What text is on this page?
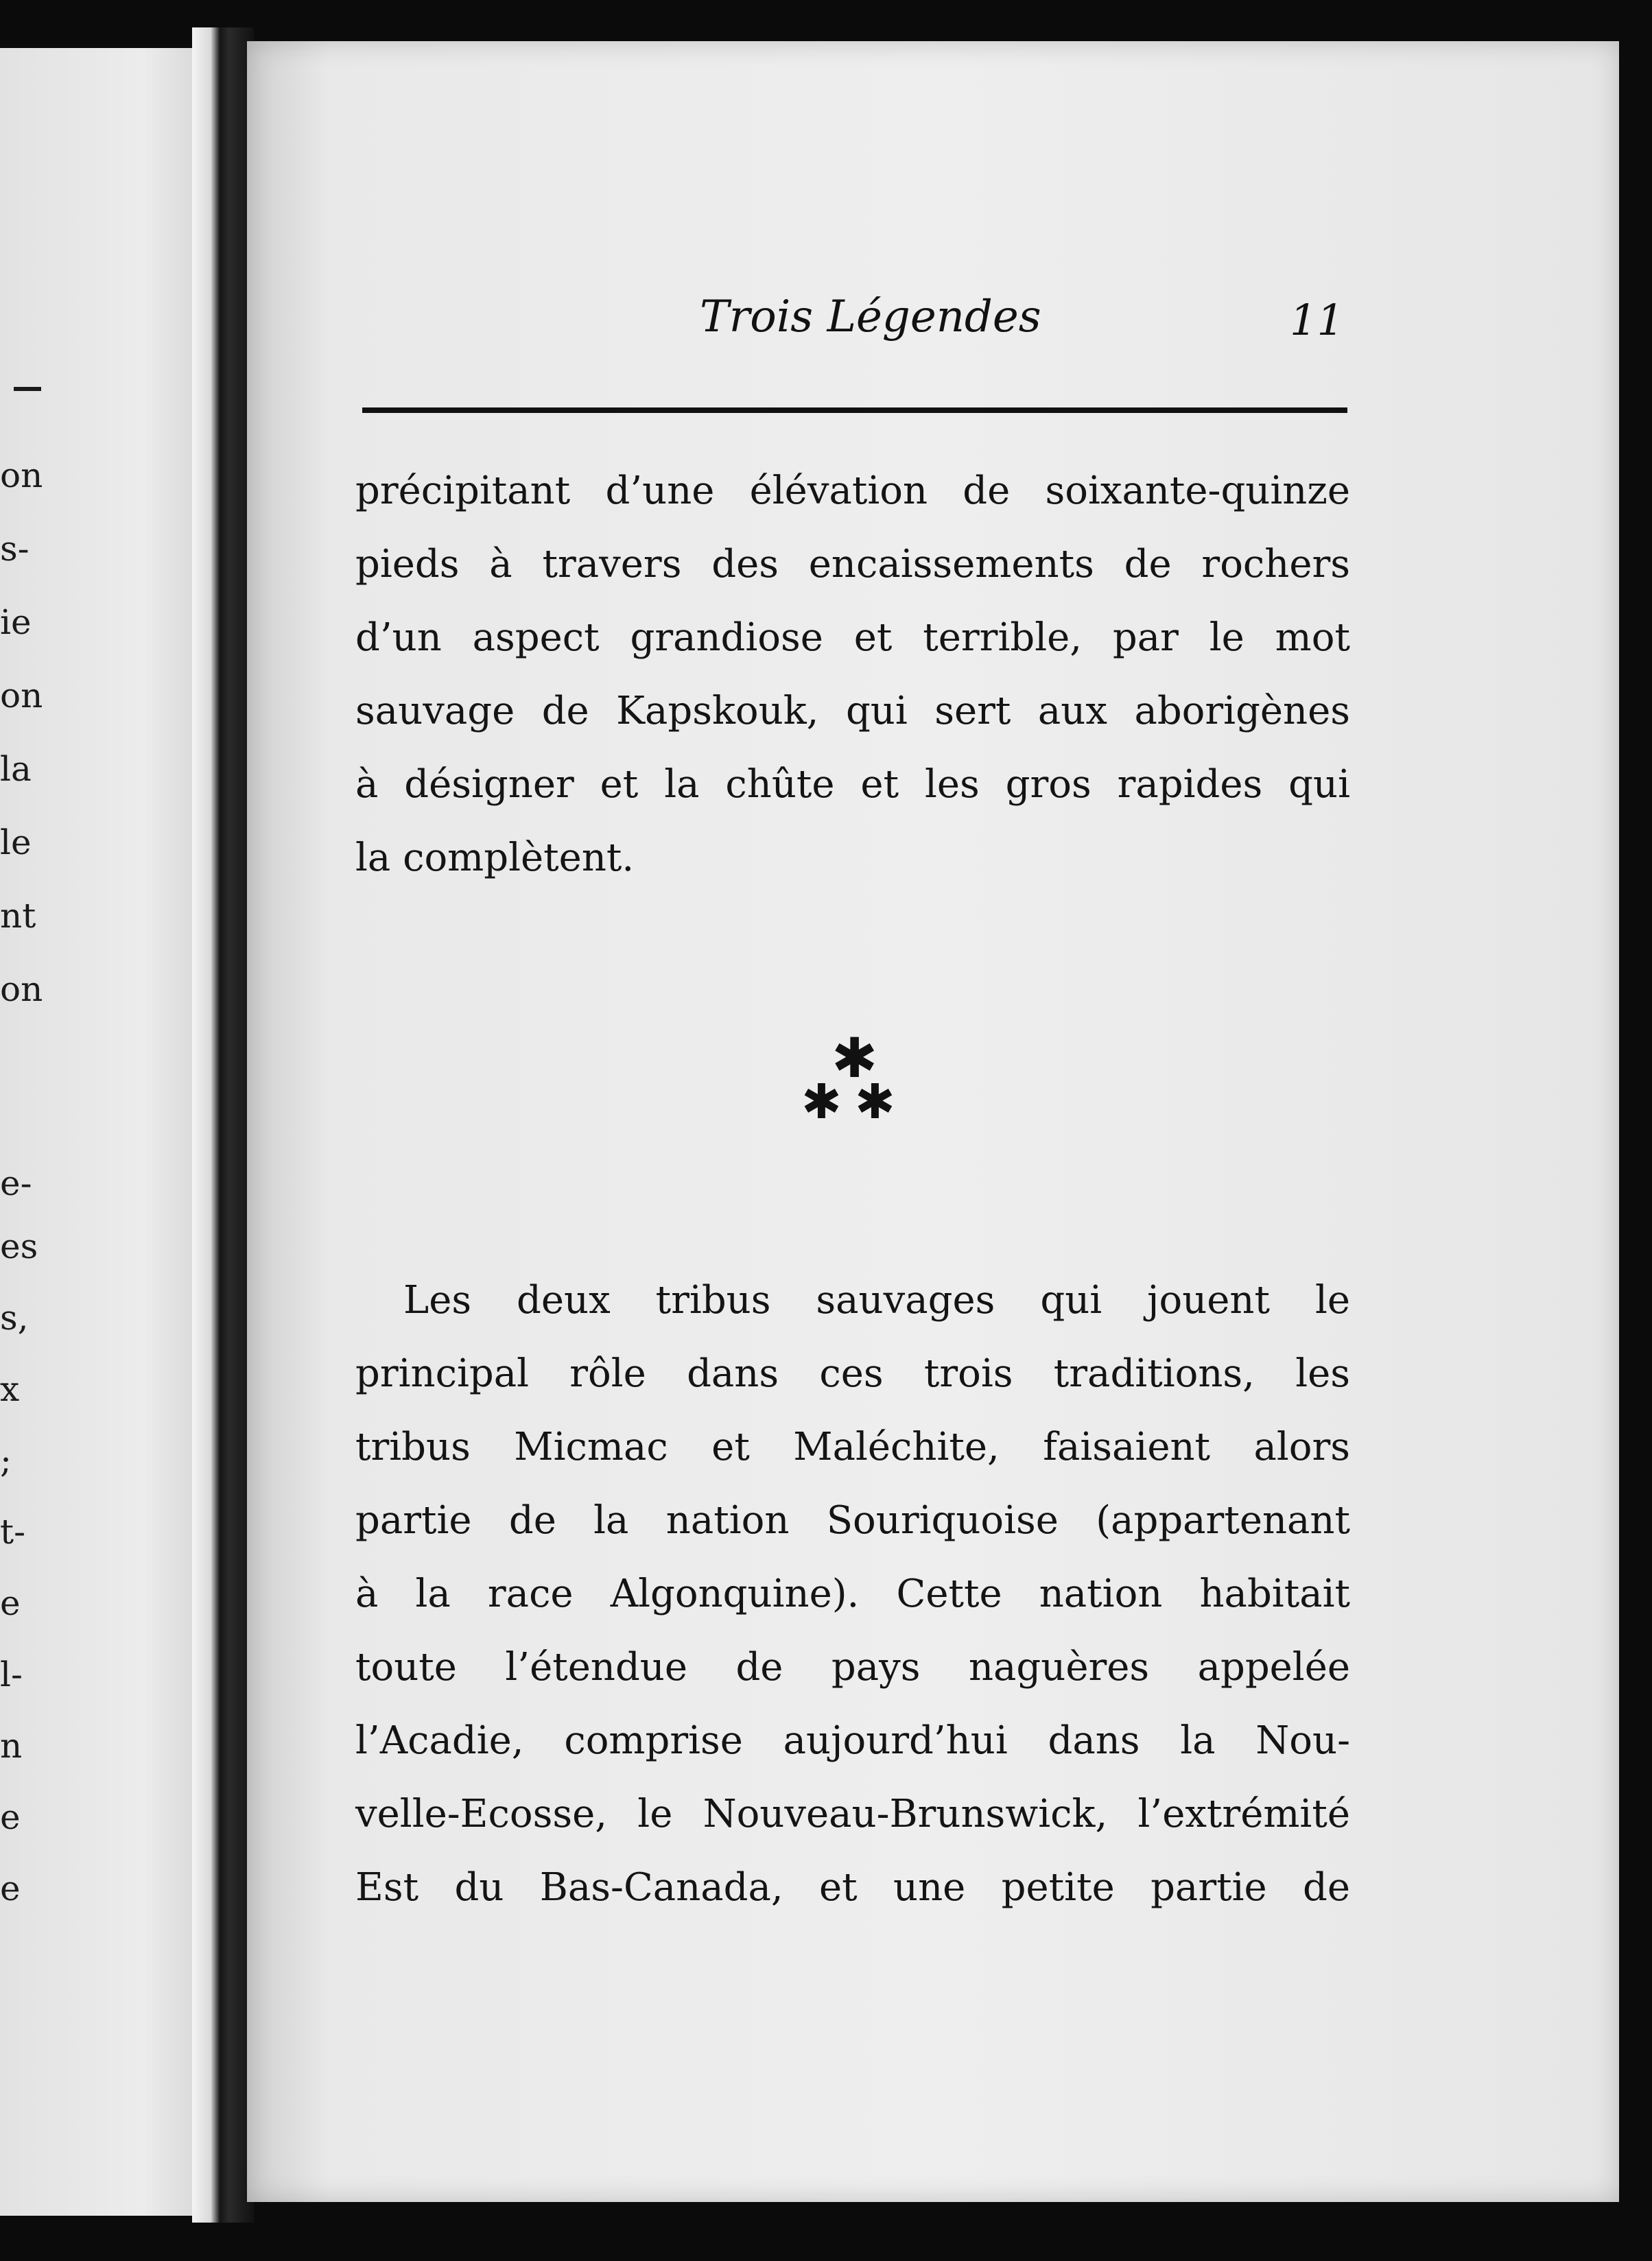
on
s-
ie
on
la
le
nt
on
e-
es
s,
x
;
t-
e
l-
n
e
e
Trois Légendes	11
précipitant d’une élévation de soixante-quinze
pieds à travers des encaissements de rochers
d’un aspect grandiose et terrible, par le mot
sauvage de Kapskouk, qui sert aux aborigènes
à désigner et la chûte et les gros rapides qui
la complètent.
✱
✱ ✱
Les deux tribus sauvages qui jouent le
principal rôle dans ces trois traditions, les
tribus Micmac et Maléchite, faisaient alors
partie de la nation Souriquoise (appartenant
à la race Algonquine). Cette nation habitait
toute l’étendue de pays naguères appelée
l’Acadie, comprise aujourd’hui dans la Nou-
velle-Ecosse, le Nouveau-Brunswick, l’extrémité
Est du Bas-Canada, et une petite partie de
